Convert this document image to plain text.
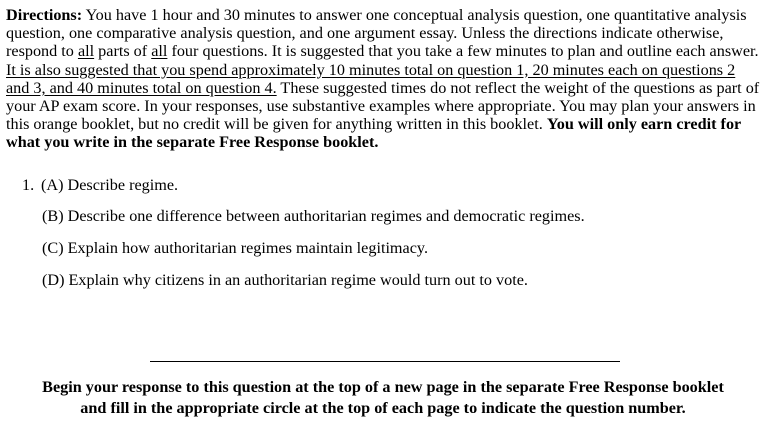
Directions: You have 1 hour and 30 minutes to answer one conceptual analysis question, one quantitative analysis question, one comparative analysis question, and one argument essay. Unless the directions indicate otherwise, respond to all parts of all four questions. It is suggested that you take a few minutes to plan and outline each answer. It is also suggested that you spend approximately 10 minutes total on question 1, 20 minutes each on questions 2 and 3, and 40 minutes total on question 4. These suggested times do not reflect the weight of the questions as part of your AP exam score. In your responses, use substantive examples where appropriate. You may plan your answers in this orange booklet, but no credit will be given for anything written in this booklet. You will only earn credit for what you write in the separate Free Response booklet.

1. (A) Describe regime.
(B) Describe one difference between authoritarian regimes and democratic regimes.
(C) Explain how authoritarian regimes maintain legitimacy.
(D) Explain why citizens in an authoritarian regime would turn out to vote.
Begin your response to this question at the top of a new page in the separate Free Response booklet
and fill in the appropriate circle at the top of each page to indicate the question number.
